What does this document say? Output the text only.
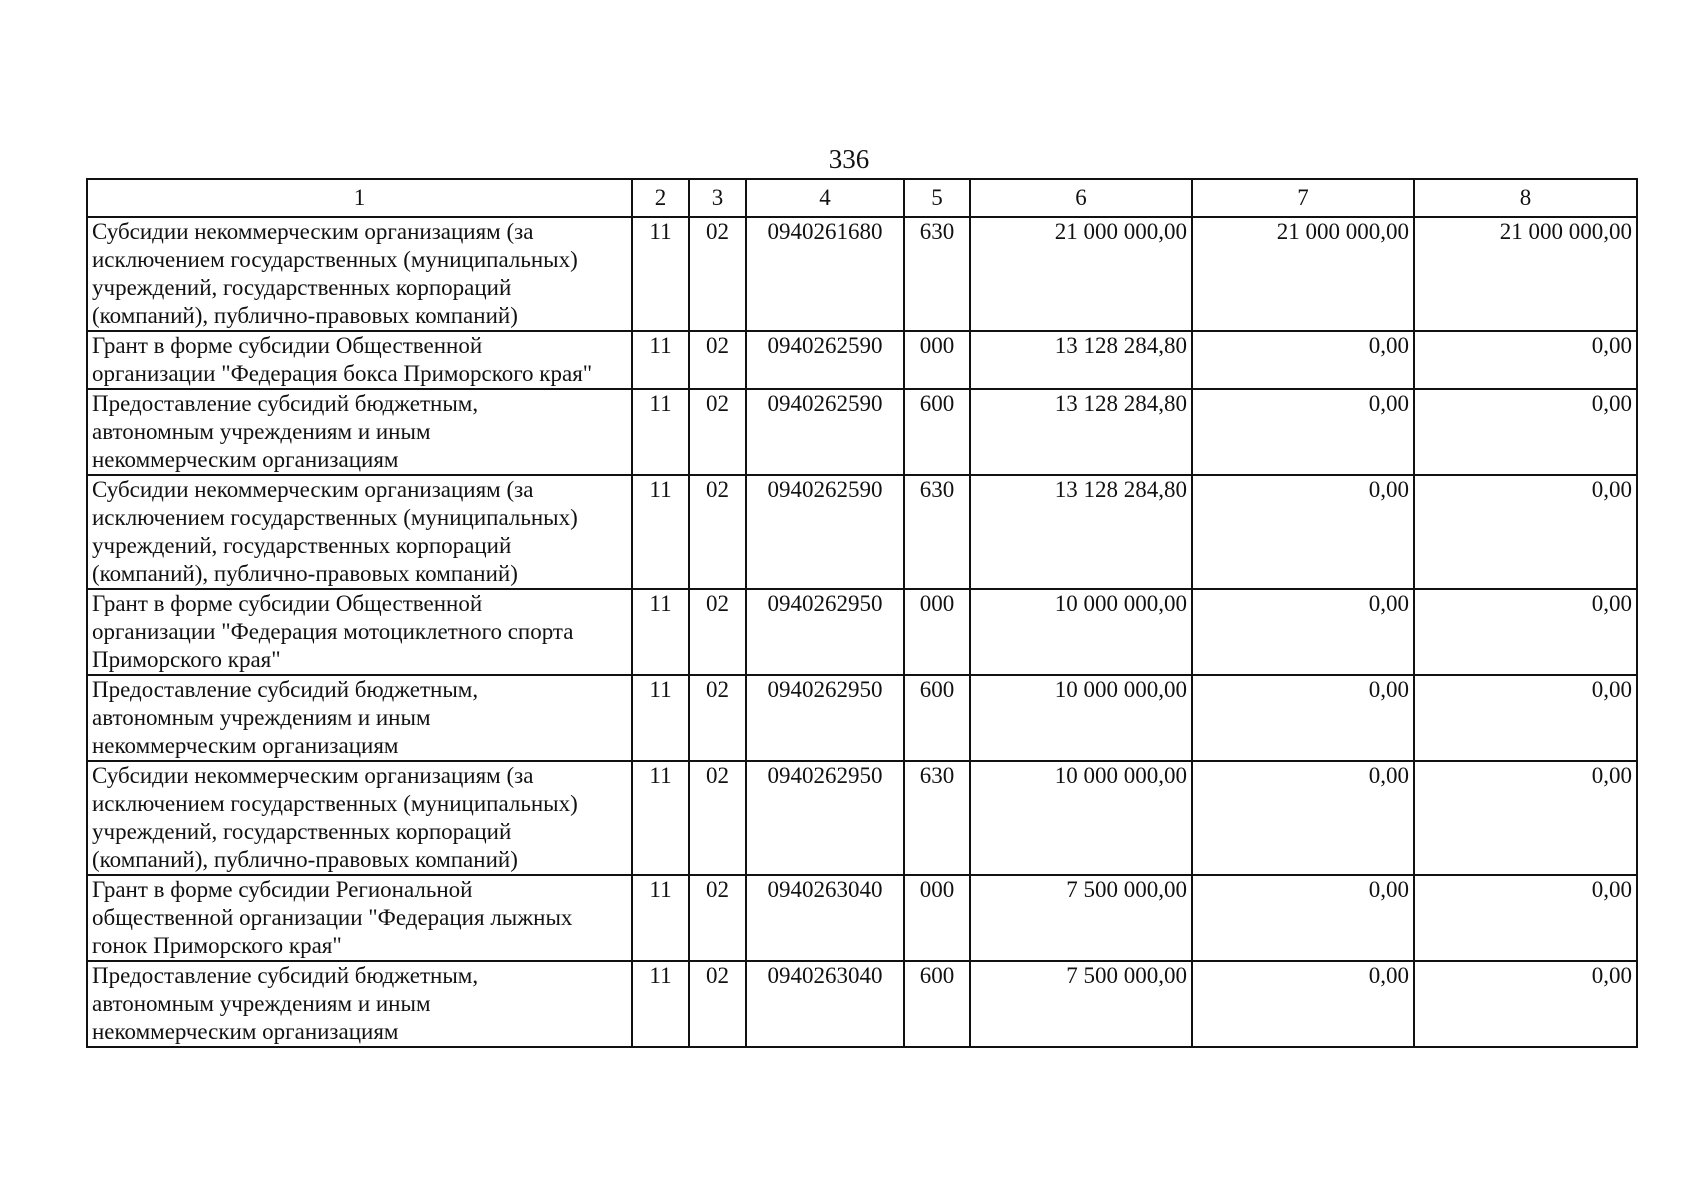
336
1	2	3	4	5	6	7	8
Субсидии некоммерческим организациям (за
исключением государственных (муниципальных)
учреждений, государственных корпораций
(компаний), публично-правовых компаний)	11	02	0940261680	630	21 000 000,00	21 000 000,00	21 000 000,00
Грант в форме субсидии Общественной
организации "Федерация бокса Приморского края"	11	02	0940262590	000	13 128 284,80	0,00	0,00
Предоставление субсидий бюджетным,
автономным учреждениям и иным
некоммерческим организациям	11	02	0940262590	600	13 128 284,80	0,00	0,00
Субсидии некоммерческим организациям (за
исключением государственных (муниципальных)
учреждений, государственных корпораций
(компаний), публично-правовых компаний)	11	02	0940262590	630	13 128 284,80	0,00	0,00
Грант в форме субсидии Общественной
организации "Федерация мотоциклетного спорта
Приморского края"	11	02	0940262950	000	10 000 000,00	0,00	0,00
Предоставление субсидий бюджетным,
автономным учреждениям и иным
некоммерческим организациям	11	02	0940262950	600	10 000 000,00	0,00	0,00
Субсидии некоммерческим организациям (за
исключением государственных (муниципальных)
учреждений, государственных корпораций
(компаний), публично-правовых компаний)	11	02	0940262950	630	10 000 000,00	0,00	0,00
Грант в форме субсидии Региональной
общественной организации "Федерация лыжных
гонок Приморского края"	11	02	0940263040	000	7 500 000,00	0,00	0,00
Предоставление субсидий бюджетным,
автономным учреждениям и иным
некоммерческим организациям	11	02	0940263040	600	7 500 000,00	0,00	0,00
